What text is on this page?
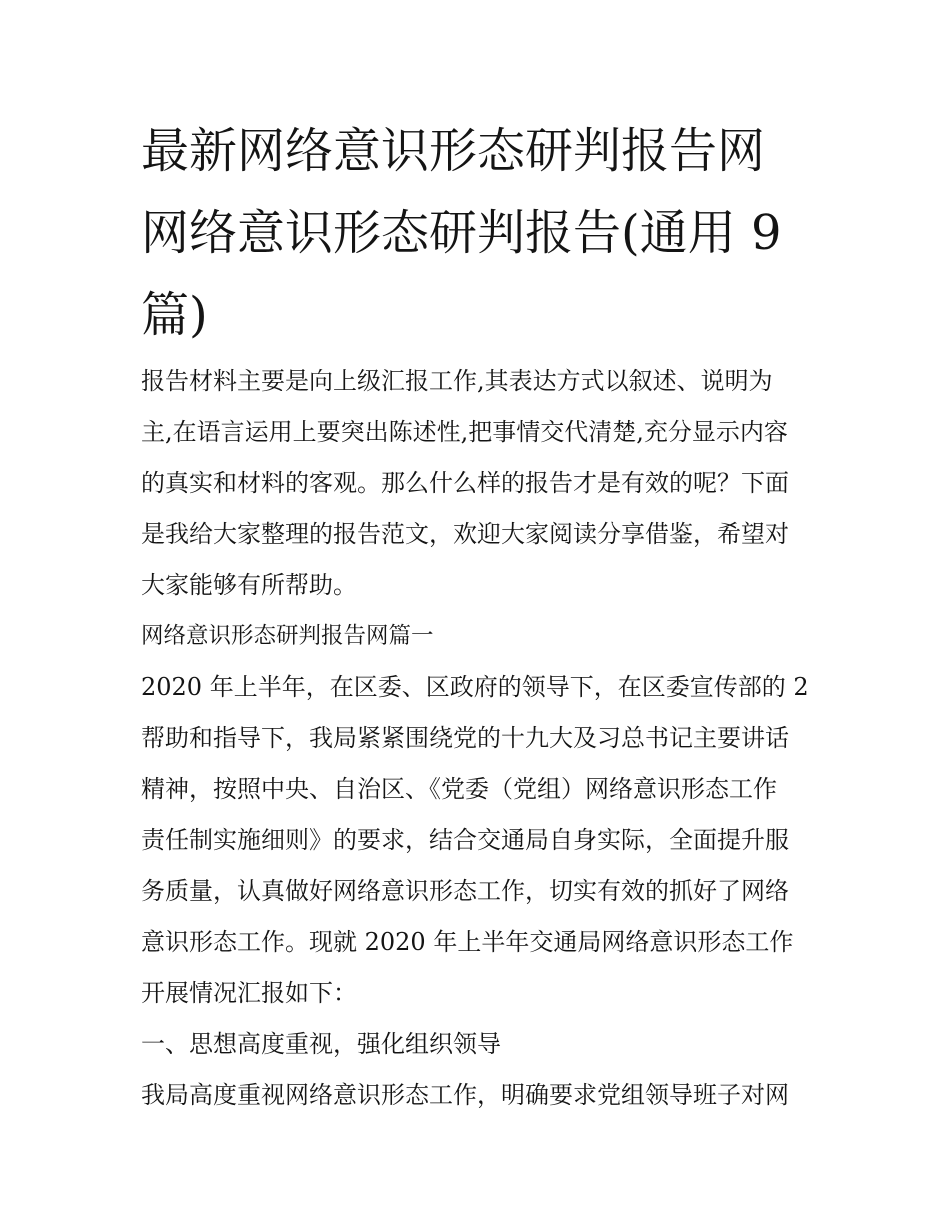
最新网络意识形态研判报告网
网络意识形态研判报告(通用 9
篇)
报告材料主要是向上级汇报工作,其表达方式以叙述、说明为
主,在语言运用上要突出陈述性,把事情交代清楚,充分显示内容
的真实和材料的客观。那么什么样的报告才是有效的呢？下面
是我给大家整理的报告范文，欢迎大家阅读分享借鉴，希望对
大家能够有所帮助。
网络意识形态研判报告网篇一
2020 年上半年，在区委、区政府的领导下，在区委宣传部的 2
帮助和指导下，我局紧紧围绕党的十九大及习总书记主要讲话
精神，按照中央、自治区、《党委（党组）网络意识形态工作
责任制实施细则》的要求，结合交通局自身实际，全面提升服
务质量，认真做好网络意识形态工作，切实有效的抓好了网络
意识形态工作。现就 2020 年上半年交通局网络意识形态工作
开展情况汇报如下：
一、思想高度重视，强化组织领导
我局高度重视网络意识形态工作，明确要求党组领导班子对网
